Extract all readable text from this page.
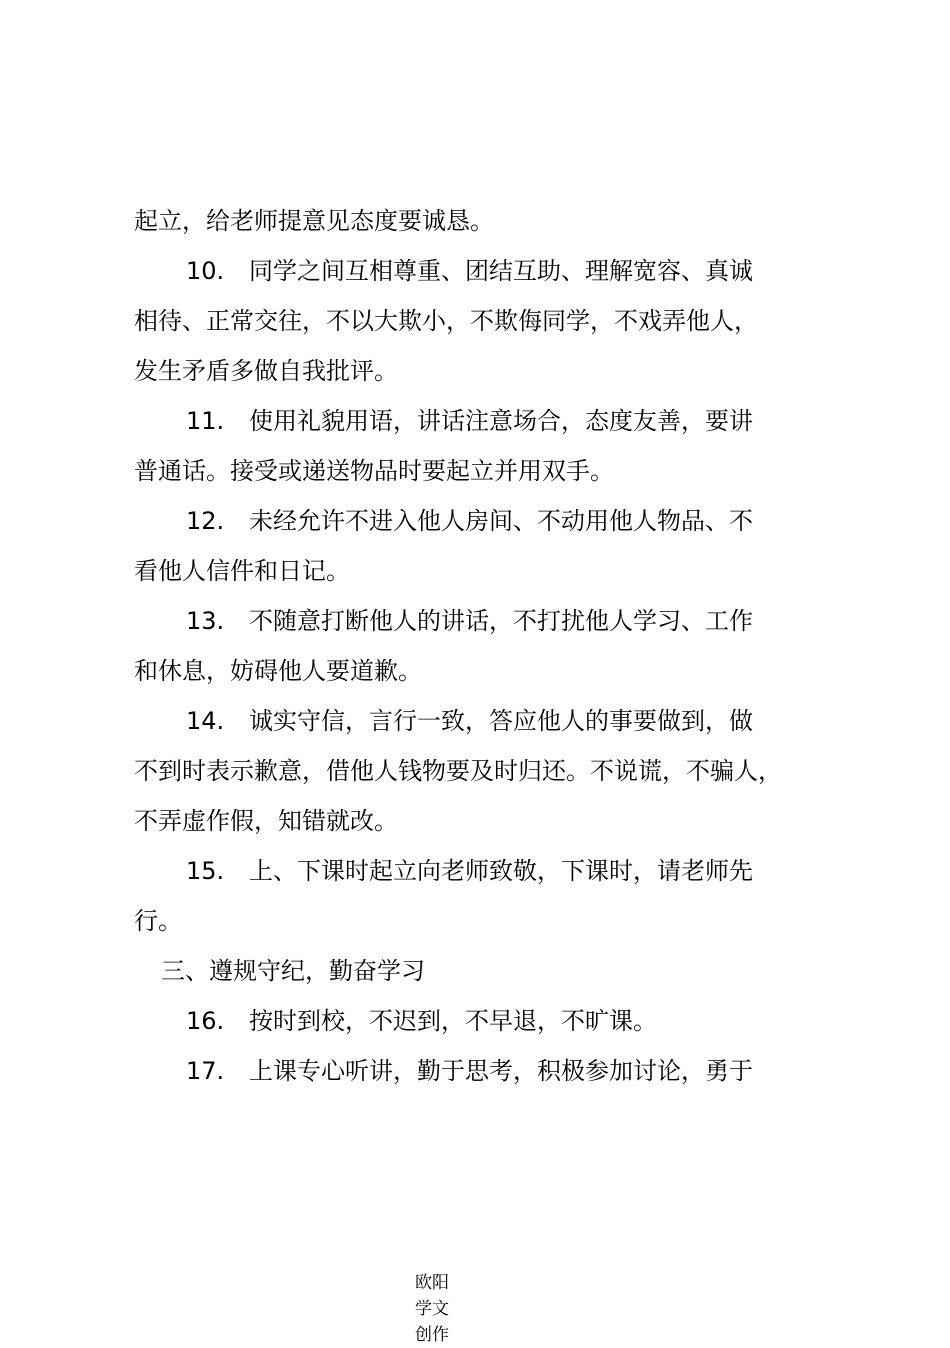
起立，给老师提意见态度要诚恳。
10. 同学之间互相尊重、团结互助、理解宽容、真诚
相待、正常交往，不以大欺小，不欺侮同学，不戏弄他人，
发生矛盾多做自我批评。
11. 使用礼貌用语，讲话注意场合，态度友善，要讲
普通话。接受或递送物品时要起立并用双手。
12. 未经允许不进入他人房间、不动用他人物品、不
看他人信件和日记。
13. 不随意打断他人的讲话，不打扰他人学习、工作
和休息，妨碍他人要道歉。
14. 诚实守信，言行一致，答应他人的事要做到，做
不到时表示歉意，借他人钱物要及时归还。不说谎，不骗人，
不弄虚作假，知错就改。
15. 上、下课时起立向老师致敬，下课时，请老师先
行。
三、遵规守纪，勤奋学习
16. 按时到校，不迟到，不早退，不旷课。
17. 上课专心听讲，勤于思考，积极参加讨论，勇于
欧阳
学文
创作
